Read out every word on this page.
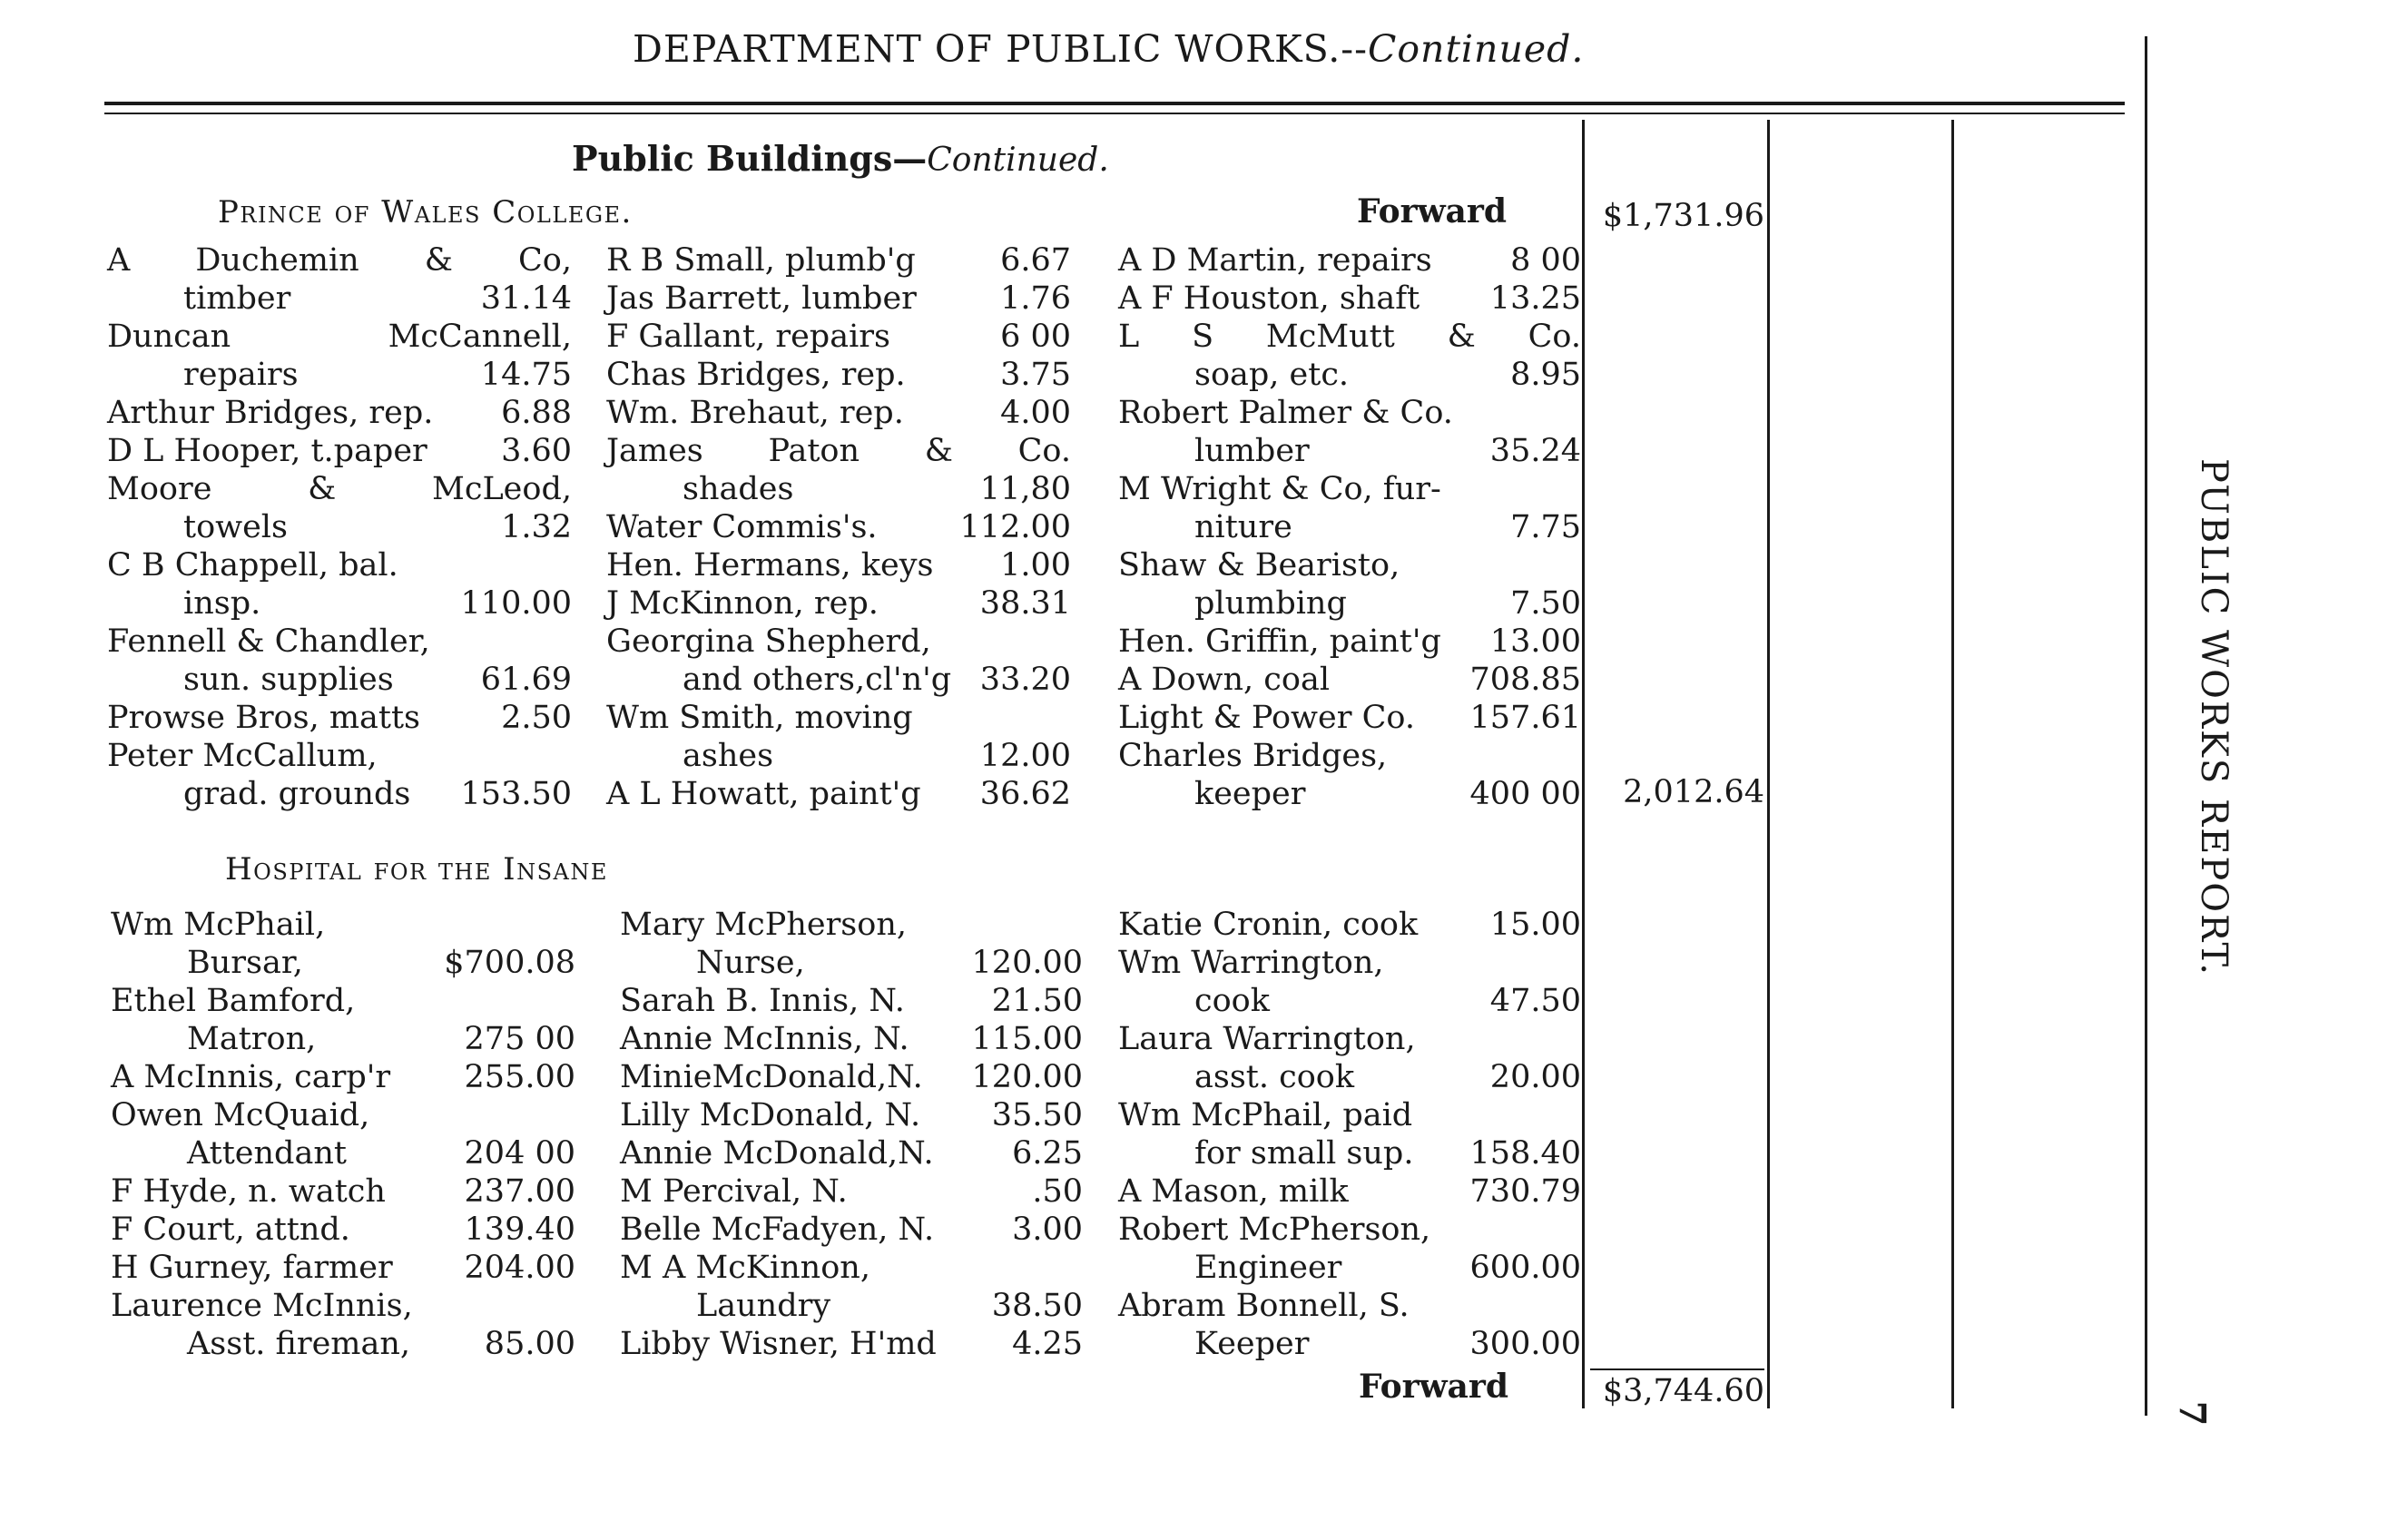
DEPARTMENT OF PUBLIC WORKS.--Continued.
Public Buildings—Continued.
Prince of Wales College.	Forward	$1,731.96
A Duchemin & Co,
timber	31.14
Duncan	McCannell,
repairs	14.75
Arthur Bridges, rep. 6.88
D L Hooper, t.paper 3.60
Moore	&	McLeod,
towels	1.32
C B Chappell, bal.
insp.	110.00
Fennell & Chandler,
sun. supplies	61.69
Prowse Bros, matts	2.50
Peter McCallum,
grad. grounds 153.50
R B Small, plumb'g	6.67
Jas Barrett, lumber	1.76
F Gallant, repairs	6 00
Chas Bridges, rep.	3.75
Wm. Brehaut, rep.	4.00
James Paton & Co.
shades	11,80
Water Commis's.	112.00
Hen. Hermans, keys 1.00
J McKinnon, rep.	38.31
Georgina Shepherd,
and others,cl'n'g 33.20
Wm Smith, moving
ashes	12.00
A L Howatt, paint'g 36.62
A D Martin, repairs 8 00
A F Houston, shaft 13.25
L S McMutt & Co.
soap, etc.	8.95
Robert Palmer & Co.
lumber	35.24
M Wright & Co, fur-
niture	7.75
Shaw & Bearisto,
plumbing	7.50
Hen. Griffin, paint'g 13.00
A Down, coal	708.85
Light & Power Co. 157.61
Charles Bridges,
keeper	400 00	2,012.64
Hospital for the Insane
Wm McPhail,
Bursar,	$700.08
Ethel Bamford,
Matron,	275 00
A McInnis, carp'r 255.00
Owen McQuaid,
Attendant	204 00
F Hyde, n. watch 237.00
F Court, attnd.	139.40
H Gurney, farmer 204.00
Laurence McInnis,
Asst. fireman, 85.00
Mary McPherson,
Nurse,	120.00
Sarah B. Innis, N.	21.50
Annie McInnis, N. 115.00
MinieMcDonald,N. 120.00
Lilly McDonald, N. 35.50
Annie McDonald,N. 6.25
M Percival, N.	.50
Belle McFadyen, N. 3.00
M A McKinnon,
Laundry	38.50
Libby Wisner, H'md 4.25
Katie Cronin, cook 15.00
Wm Warrington,
cook	47.50
Laura Warrington,
asst. cook	20.00
Wm McPhail, paid
for small sup. 158.40
A Mason, milk	730.79
Robert McPherson,
Engineer	600.00
Abram Bonnell, S.
Keeper	300.00
Forward	$3,744.60
PUBLIC WORKS REPORT.
7
